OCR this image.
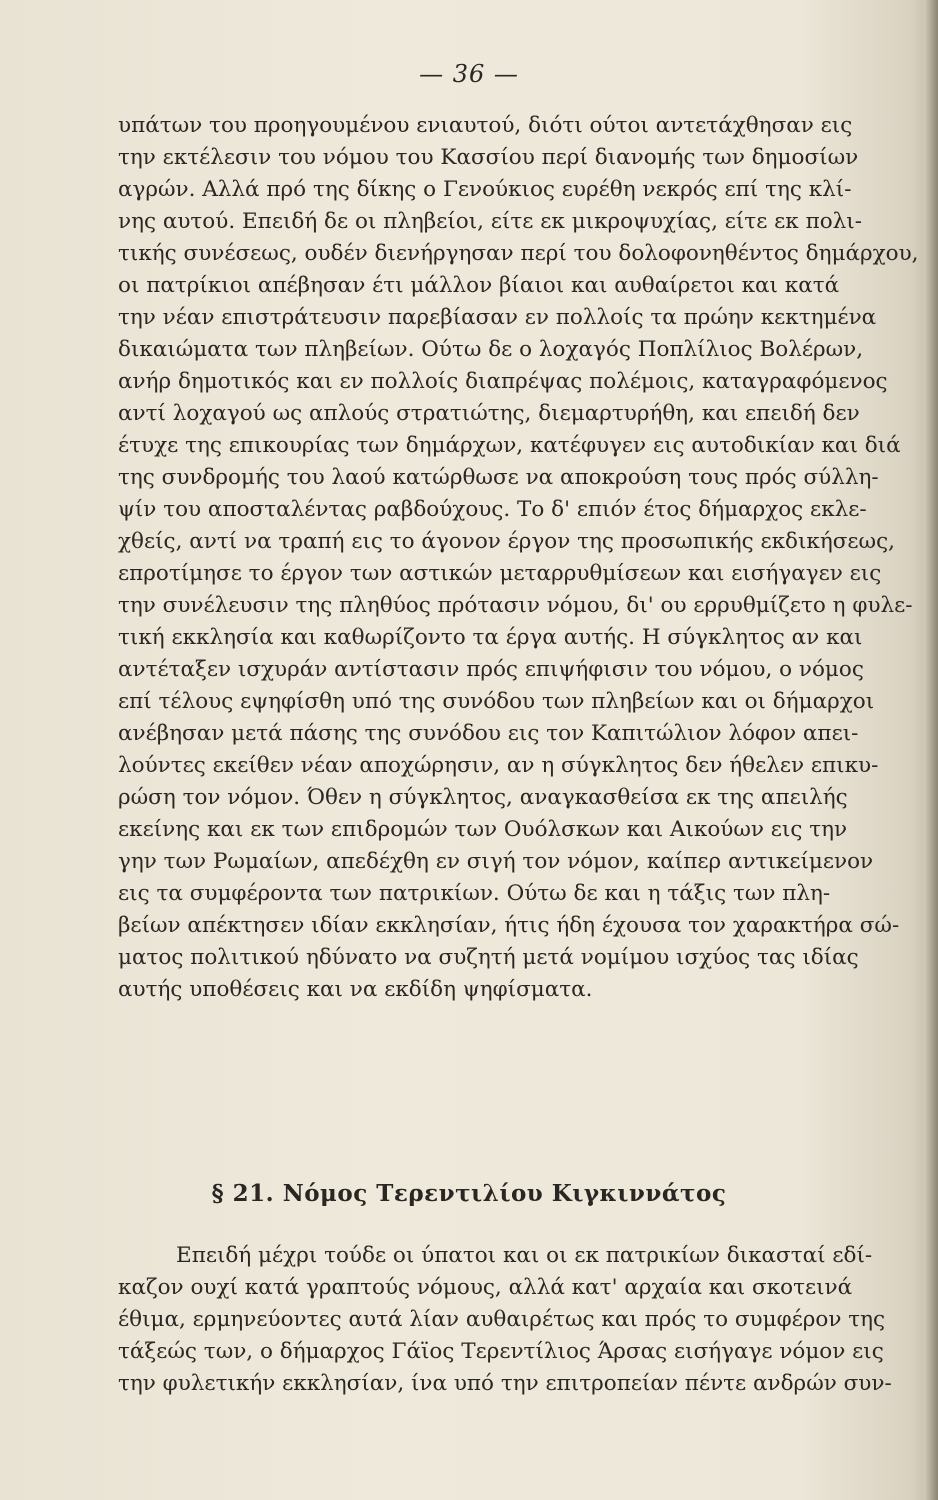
— 36 —
υπάτων του προηγουμένου ενιαυτού, διότι ούτοι αντετάχθησαν εις
την εκτέλεσιν του νόμου του Κασσίου περί διανομής των δημοσίων
αγρών. Αλλά πρό της δίκης ο Γενούκιος ευρέθη νεκρός επί της κλί-
νης αυτού. Επειδή δε οι πληβείοι, είτε εκ μικροψυχίας, είτε εκ πολι-
τικής συνέσεως, ουδέν διενήργησαν περί του δολοφονηθέντος δημάρχου,
οι πατρίκιοι απέβησαν έτι μάλλον βίαιοι και αυθαίρετοι και κατά
την νέαν επιστράτευσιν παρεβίασαν εν πολλοίς τα πρώην κεκτημένα
δικαιώματα των πληβείων. Ούτω δε ο λοχαγός Ποπλίλιος Βολέρων,
ανήρ δημοτικός και εν πολλοίς διαπρέψας πολέμοις, καταγραφόμενος
αντί λοχαγού ως απλούς στρατιώτης, διεμαρτυρήθη, και επειδή δεν
έτυχε της επικουρίας των δημάρχων, κατέφυγεν εις αυτοδικίαν και διά
της συνδρομής του λαού κατώρθωσε να αποκρούση τους πρός σύλλη-
ψίν του αποσταλέντας ραβδούχους. Το δ' επιόν έτος δήμαρχος εκλε-
χθείς, αντί να τραπή εις το άγονον έργον της προσωπικής εκδικήσεως,
επροτίμησε το έργον των αστικών μεταρρυθμίσεων και εισήγαγεν εις
την συνέλευσιν της πληθύος πρότασιν νόμου, δι' ου ερρυθμίζετο η φυλε-
τική εκκλησία και καθωρίζοντο τα έργα αυτής. Η σύγκλητος αν και
αντέταξεν ισχυράν αντίστασιν πρός επιψήφισιν του νόμου, ο νόμος
επί τέλους εψηφίσθη υπό της συνόδου των πληβείων και οι δήμαρχοι
ανέβησαν μετά πάσης της συνόδου εις τον Καπιτώλιον λόφον απει-
λούντες εκείθεν νέαν αποχώρησιν, αν η σύγκλητος δεν ήθελεν επικυ-
ρώση τον νόμον. Όθεν η σύγκλητος, αναγκασθείσα εκ της απειλής
εκείνης και εκ των επιδρομών των Ουόλσκων και Αικούων εις την
γην των Ρωμαίων, απεδέχθη εν σιγή τον νόμον, καίπερ αντικείμενον
εις τα συμφέροντα των πατρικίων. Ούτω δε και η τάξις των πλη-
βείων απέκτησεν ιδίαν εκκλησίαν, ήτις ήδη έχουσα τον χαρακτήρα σώ-
ματος πολιτικού ηδύνατο να συζητή μετά νομίμου ισχύος τας ιδίας
αυτής υποθέσεις και να εκδίδη ψηφίσματα.
§ 21. Νόμος Τερεντιλίου Κιγκιννάτος
Επειδή μέχρι τούδε οι ύπατοι και οι εκ πατρικίων δικασταί εδί-
καζον ουχί κατά γραπτούς νόμους, αλλά κατ' αρχαία και σκοτεινά
έθιμα, ερμηνεύοντες αυτά λίαν αυθαιρέτως και πρός το συμφέρον της
τάξεώς των, ο δήμαρχος Γάϊος Τερεντίλιος Άρσας εισήγαγε νόμον εις
την φυλετικήν εκκλησίαν, ίνα υπό την επιτροπείαν πέντε ανδρών συν-
